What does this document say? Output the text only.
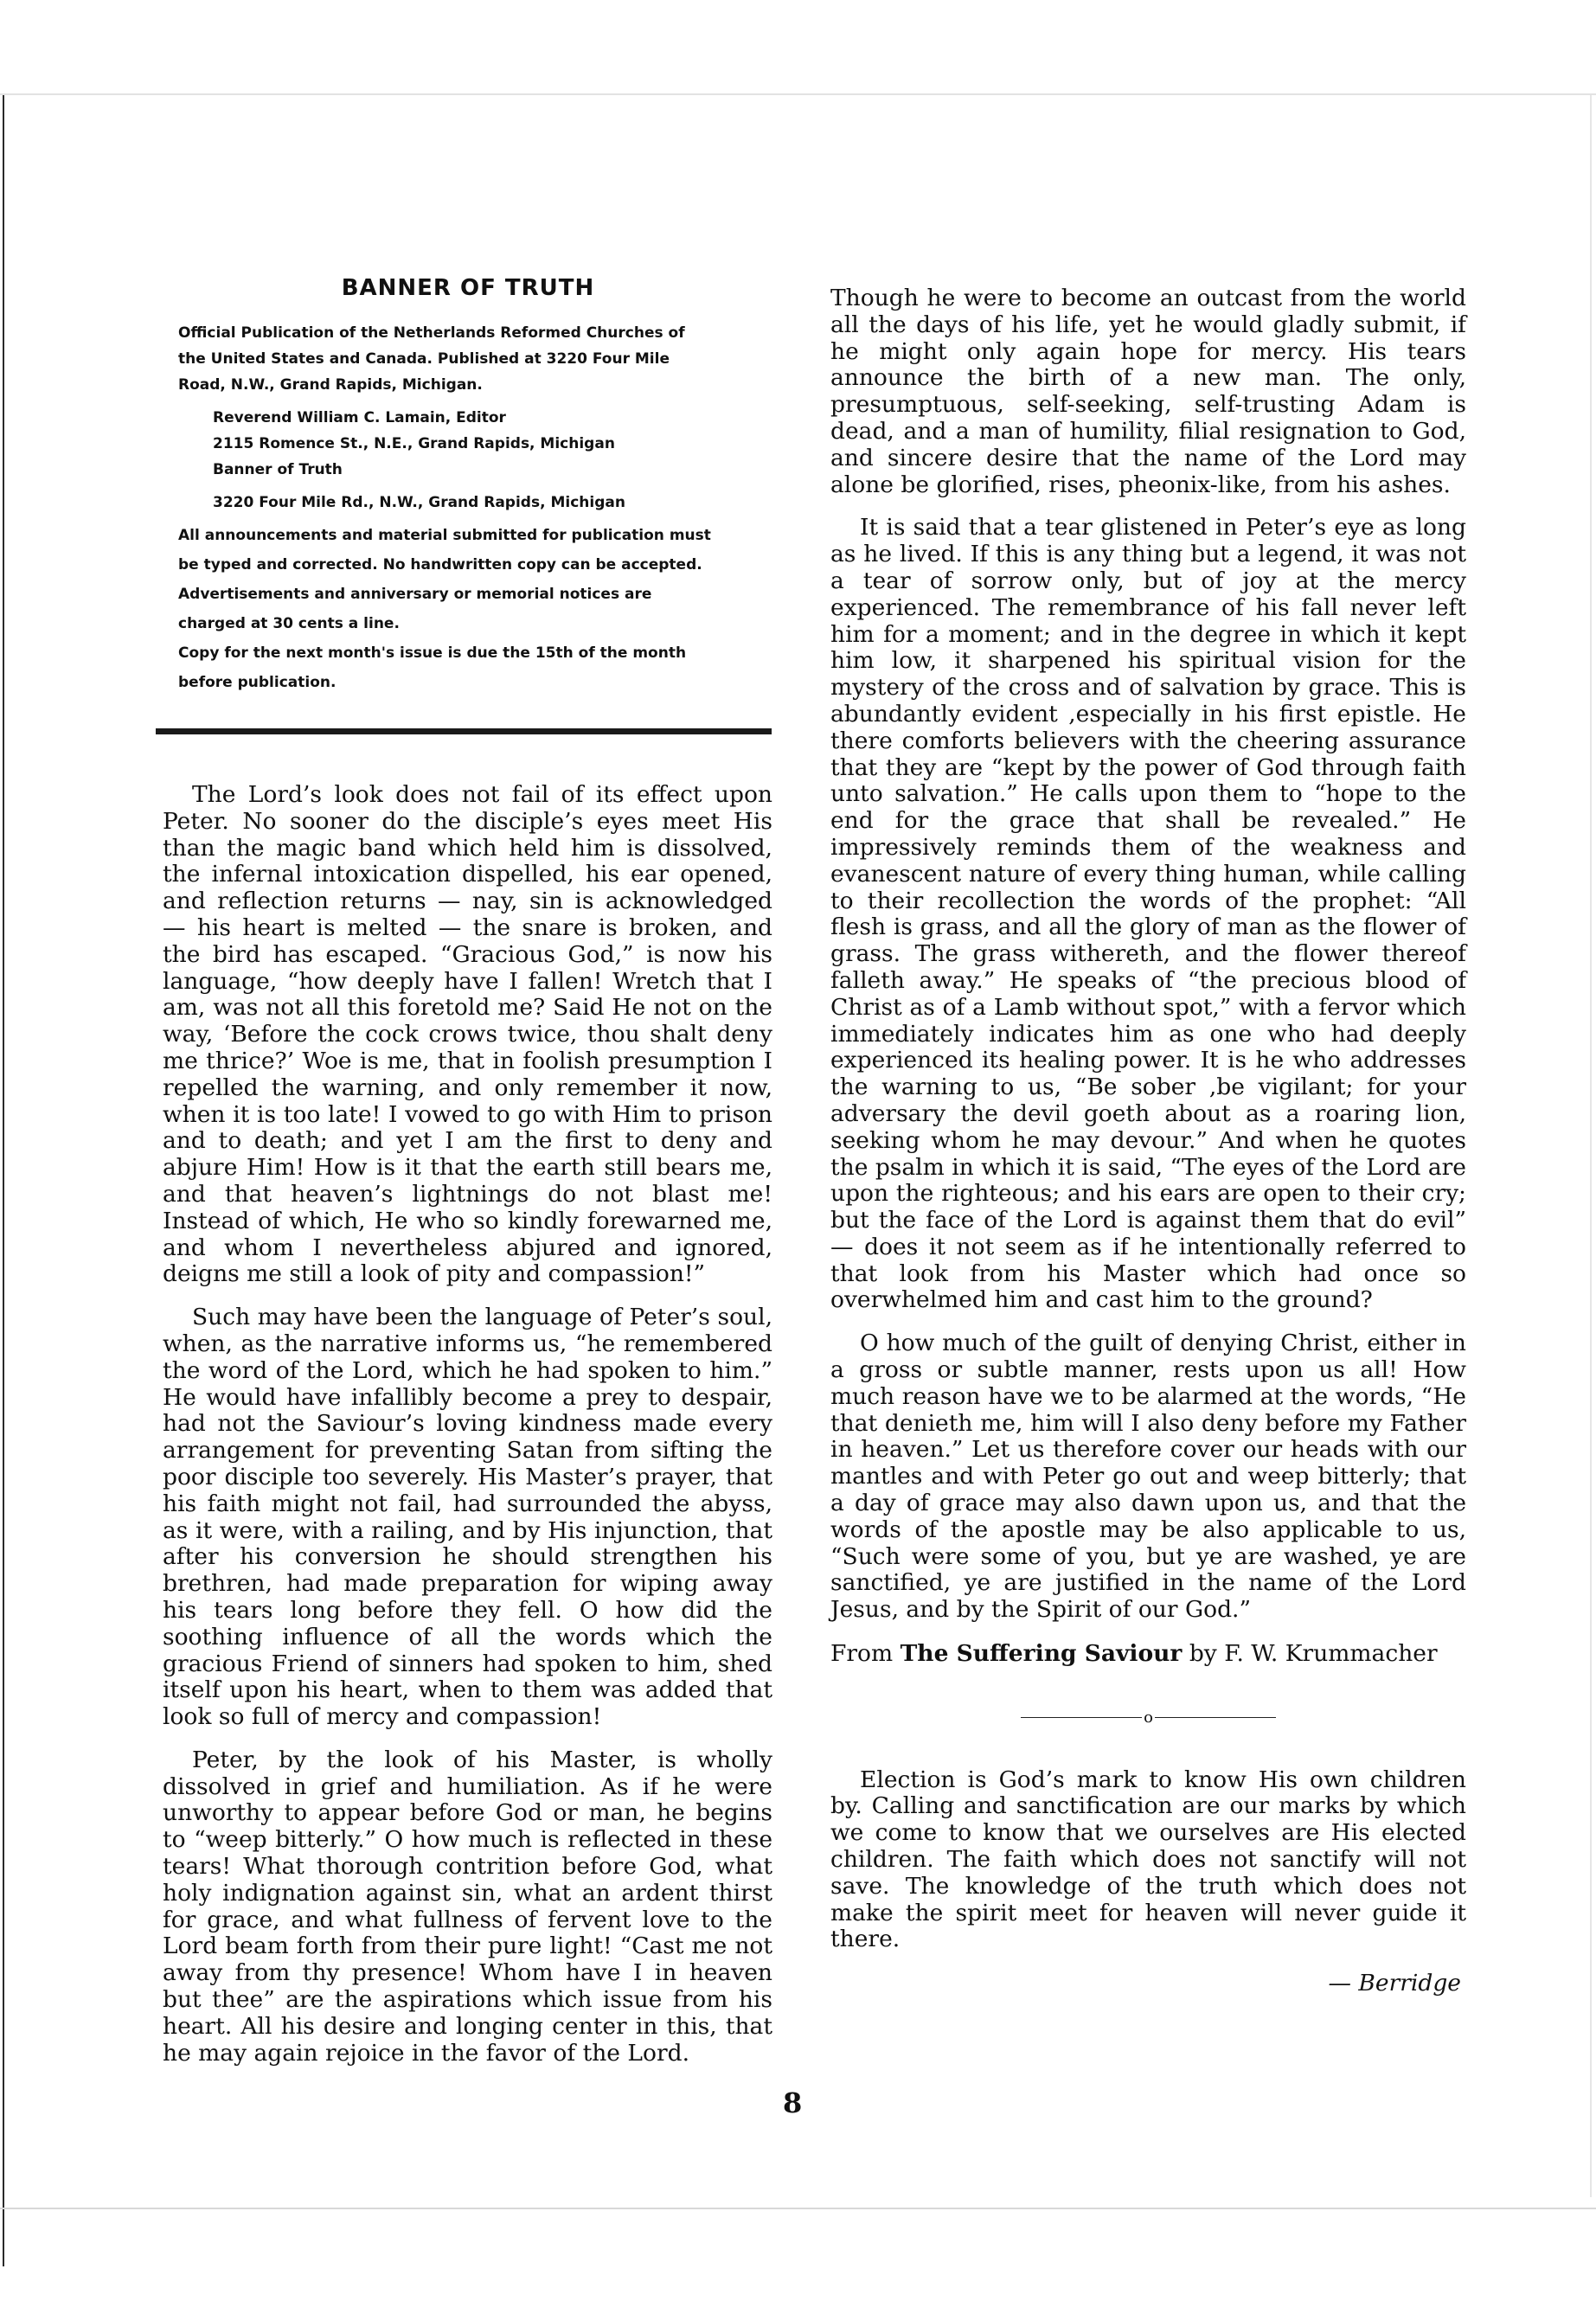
BANNER OF TRUTH

Official Publication of the Netherlands Reformed Churches of

the United States and Canada. Published at 3220 Four Mile

Road, N.W., Grand Rapids, Michigan.

Reverend William C. Lamain, Editor

2115 Romence St., N.E., Grand Rapids, Michigan

Banner of Truth

3220 Four Mile Rd., N.W., Grand Rapids, Michigan

All announcements and material submitted for publication must

be typed and corrected. No handwritten copy can be accepted.

Advertisements and anniversary or memorial notices are

charged at 30 cents a line.

Copy for the next month's issue is due the 15th of the month

before publication.

The Lord’s look does not fail of its effect upon Peter. No sooner do the disciple’s eyes meet His than the magic band which held him is dissolved, the infernal intoxication dispelled, his ear opened, and reflection returns — nay, sin is acknowledged — his heart is melted — the snare is broken, and the bird has escaped. “Gracious God,” is now his language, “how deeply have I fallen! Wretch that I am, was not all this foretold me? Said He not on the way, ‘Before the cock crows twice, thou shalt deny me thrice?’ Woe is me, that in foolish presumption I repelled the warning, and only remember it now, when it is too late! I vowed to go with Him to prison and to death; and yet I am the first to deny and abjure Him! How is it that the earth still bears me, and that heaven’s lightnings do not blast me! Instead of which, He who so kindly forewarned me, and whom I nevertheless abjured and ignored, deigns me still a look of pity and compassion!”

Such may have been the language of Peter’s soul, when, as the narrative informs us, “he remembered the word of the Lord, which he had spoken to him.” He would have infallibly become a prey to despair, had not the Saviour’s loving kindness made every arrangement for preventing Satan from sifting the poor disciple too severely. His Master’s prayer, that his faith might not fail, had surrounded the abyss, as it were, with a railing, and by His injunction, that after his conversion he should strengthen his brethren, had made preparation for wiping away his tears long before they fell. O how did the soothing influence of all the words which the gracious Friend of sinners had spoken to him, shed itself upon his heart, when to them was added that look so full of mercy and compassion!

Peter, by the look of his Master, is wholly dissolved in grief and humiliation. As if he were unworthy to appear before God or man, he begins to “weep bitterly.” O how much is reflected in these tears! What thorough contrition before God, what holy indignation against sin, what an ardent thirst for grace, and what fullness of fervent love to the Lord beam forth from their pure light! “Cast me not away from thy presence! Whom have I in heaven but thee” are the aspirations which issue from his heart. All his desire and longing center in this, that he may again rejoice in the favor of the Lord.

Though he were to become an outcast from the world all the days of his life, yet he would gladly submit, if he might only again hope for mercy. His tears announce the birth of a new man. The only, presumptuous, self-seeking, self-trusting Adam is dead, and a man of humility, filial resignation to God, and sincere desire that the name of the Lord may alone be glorified, rises, pheonix-like, from his ashes.

It is said that a tear glistened in Peter’s eye as long as he lived. If this is any thing but a legend, it was not a tear of sorrow only, but of joy at the mercy experienced. The remembrance of his fall never left him for a moment; and in the degree in which it kept him low, it sharpened his spiritual vision for the mystery of the cross and of salvation by grace. This is abundantly evident ,especially in his first epistle. He there comforts believers with the cheering assurance that they are “kept by the power of God through faith unto salvation.” He calls upon them to “hope to the end for the grace that shall be revealed.” He impressively reminds them of the weakness and evanescent nature of every thing human, while calling to their recollection the words of the prophet: “All flesh is grass, and all the glory of man as the flower of grass. The grass withereth, and the flower thereof falleth away.” He speaks of “the precious blood of Christ as of a Lamb without spot,” with a fervor which immediately indicates him as one who had deeply experienced its healing power. It is he who addresses the warning to us, “Be sober ,be vigilant; for your adversary the devil goeth about as a roaring lion, seeking whom he may devour.” And when he quotes the psalm in which it is said, “The eyes of the Lord are upon the righteous; and his ears are open to their cry; but the face of the Lord is against them that do evil” — does it not seem as if he intentionally referred to that look from his Master which had once so overwhelmed him and cast him to the ground?

O how much of the guilt of denying Christ, either in a gross or subtle manner, rests upon us all! How much reason have we to be alarmed at the words, “He that denieth me, him will I also deny before my Father in heaven.” Let us therefore cover our heads with our mantles and with Peter go out and weep bitterly; that a day of grace may also dawn upon us, and that the words of the apostle may be also applicable to us, “Such were some of you, but ye are washed, ye are sanctified, ye are justified in the name of the Lord Jesus, and by the Spirit of our God.”

From The Suffering Saviour by F. W. Krummacher

o

Election is God’s mark to know His own children by. Calling and sanctification are our marks by which we come to know that we ourselves are His elected children. The faith which does not sanctify will not save. The knowledge of the truth which does not make the spirit meet for heaven will never guide it there.

— Berridge

8
